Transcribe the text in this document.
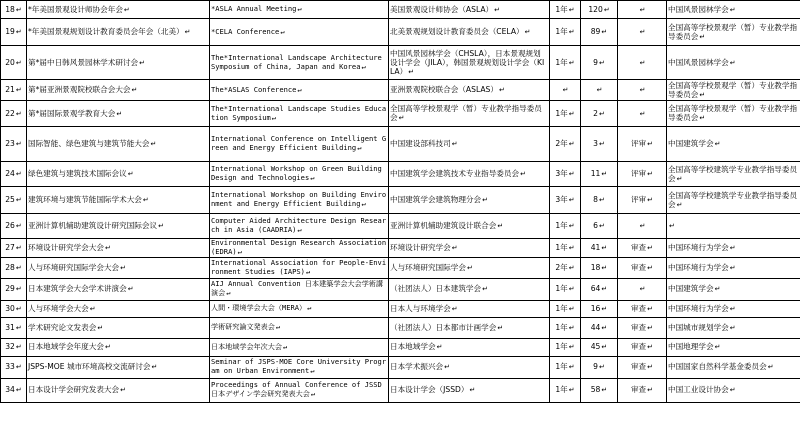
18↵	*年美国景观设计师协会年会↵	*ASLA Annual Meeting↵	美国景观设计师协会（ASLA）↵	1年↵	120↵	↵	中国风景园林学会↵
19↵	*年美国景观规划设计教育委员会年会（北美）↵	*CELA Conference↵	北美景观规划设计教育委员会（CELA）↵	1年↵	89↵	↵	全国高等学校景观学（暂）专业教学指导委员会↵
20↵	第*届中日韩风景园林学术研讨会↵	The*International Landscape Architecture Symposium of China, Japan and Korea↵	中国风景园林学会（CHSLA），日本景观规划设计学会（JILA），韩国景观规划设计学会（KILA）↵	1年↵	9↵	↵	中国风景园林学会↵
21↵	第*届亚洲景观院校联合会大会↵	The*ASLAS Conference↵	亚洲景观院校联合会（ASLAS）↵	↵	↵	↵	全国高等学校景观学（暂）专业教学指导委员会↵
22↵	第*届国际景观学教育大会↵	The*International Landscape Studies Education Symposium↵	全国高等学校景观学（暂）专业教学指导委员会↵	1年↵	2↵	↵	全国高等学校景观学（暂）专业教学指导委员会↵
23↵	国际智能、绿色建筑与建筑节能大会↵	International Conference on Intelligent Green and Energy Efficient Building↵	中国建设部科技司↵	2年↵	3↵	评审↵	中国建筑学会↵
24↵	绿色建筑与建筑技术国际会议↵	International Workshop on Green Building Design and Technologies↵	中国建筑学会建筑技术专业指导委员会↵	3年↵	11↵	评审↵	全国高等学校建筑学专业教学指导委员会↵
25↵	建筑环境与建筑节能国际学术大会↵	International Workshop on Building Environment and Energy Efficient Building↵	中国建筑学会建筑物理分会↵	3年↵	8↵	评审↵	全国高等学校建筑学专业教学指导委员会↵
26↵	亚洲计算机辅助建筑设计研究国际会议↵	Computer Aided Architecture Design Research in Asia (CAADRIA)↵	亚洲计算机辅助建筑设计联合会↵	1年↵	6↵	↵	↵
27↵	环境设计研究学会大会↵	Environmental Design Research Association (EDRA)↵	环境设计研究学会↵	1年↵	41↵	审查↵	中国环境行为学会↵
28↵	人与环境研究国际学会大会↵	International Association for People-Environment Studies (IAPS)↵	人与环境研究国际学会↵	2年↵	18↵	审查↵	中国环境行为学会↵
29↵	日本建筑学会大会学术讲演会↵	AIJ Annual Convention 日本建築学会大会学術講演会↵	（社团法人）日本建筑学会↵	1年↵	64↵	↵	中国建筑学会↵
30↵	人与环境学会大会↵	人間・環境学会大会（MERA）↵	日本人与环境学会↵	1年↵	16↵	审查↵	中国环境行为学会↵
31↵	学术研究论文发表会↵	学術研究論文発表会↵	（社团法人）日本都市计画学会↵	1年↵	44↵	审查↵	中国城市规划学会↵
32↵	日本地域学会年度大会↵	日本地域学会年次大会↵	日本地域学会↵	1年↵	45↵	审查↵	中国地理学会↵
33↵	JSPS-MOE 城市环境高校交流研讨会↵	Seminar of JSPS-MOE Core University Program on Urban Environment↵	日本学术振兴会↵	1年↵	9↵	审查↵	中国国家自然科学基金委员会↵
34↵	日本设计学会研究发表大会↵	Proceedings of Annual Conference of JSSD 日本デザイン学会研究発表大会↵	日本设计学会（JSSD）↵	1年↵	58↵	审查↵	中国工业设计协会↵
